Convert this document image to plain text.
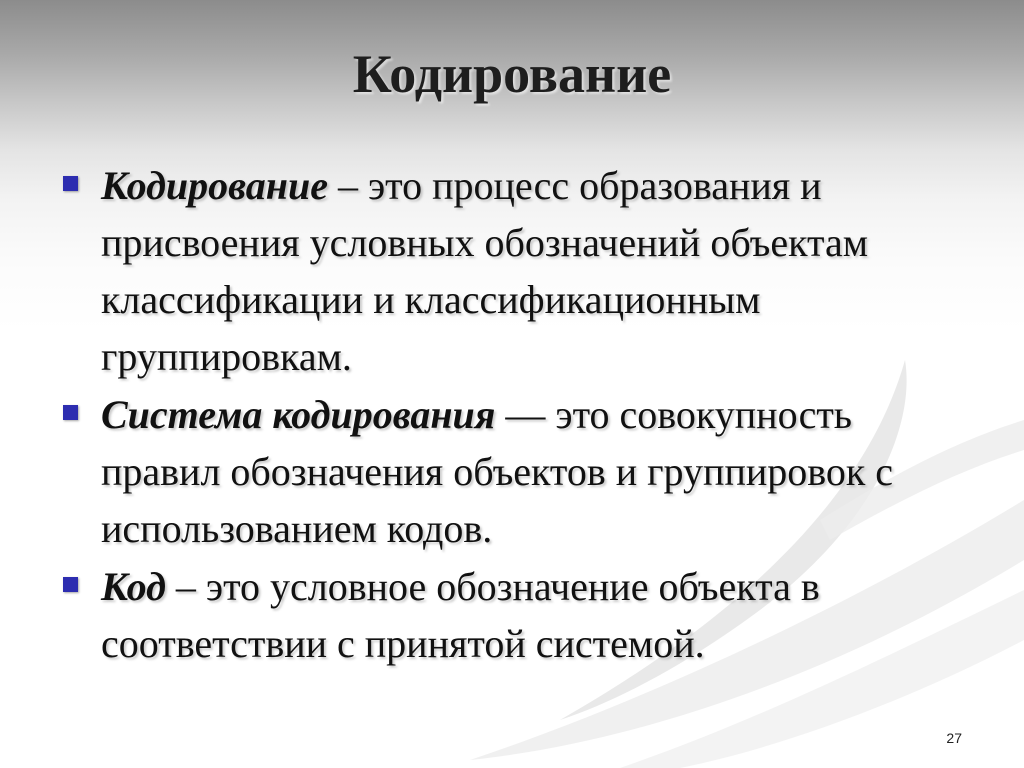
Кодирование
Кодирование – это процесс образования и присвоения условных обозначений объектам классификации и классификационным группировкам.
Система кодирования — это совокупность правил обозначения объектов и группировок с использованием кодов.
Код – это условное обозначение объекта в соответствии с принятой системой.
27
